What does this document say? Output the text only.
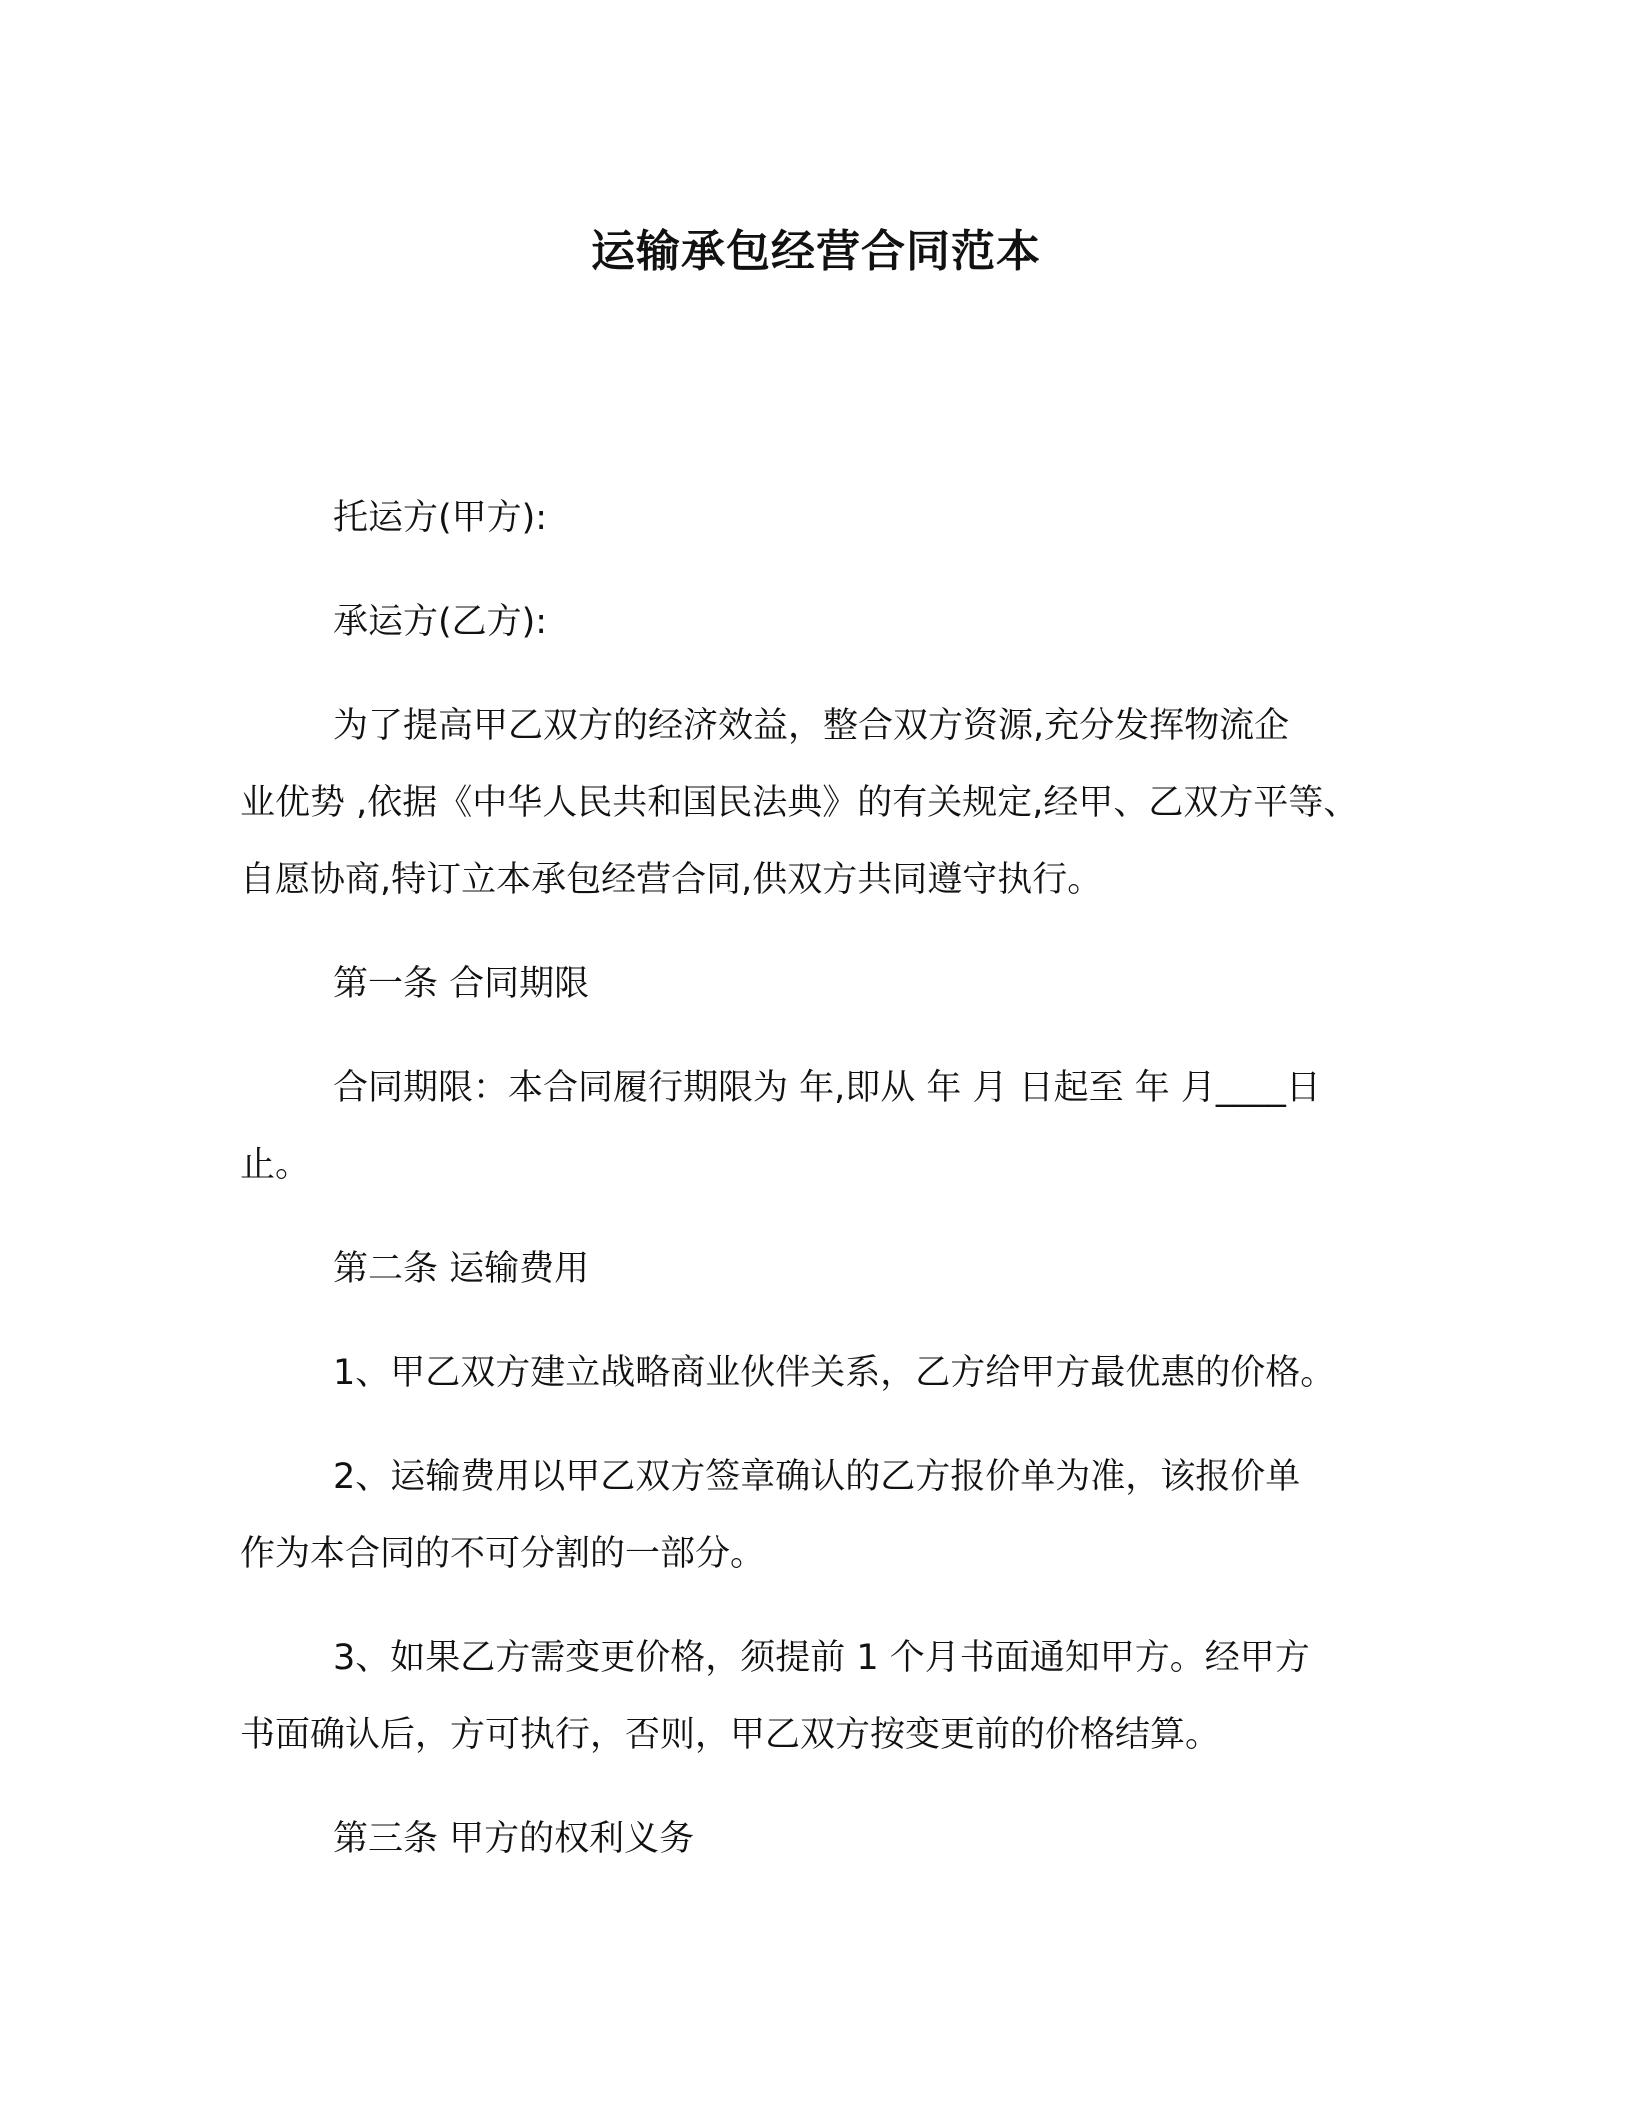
运输承包经营合同范本
托运方(甲方):
承运方(乙方):
为了提高甲乙双方的经济效益，整合双方资源,充分发挥物流企
业优势 ,依据《中华人民共和国民法典》的有关规定,经甲、乙双方平等、
自愿协商,特订立本承包经营合同,供双方共同遵守执行。
第一条 合同期限
合同期限：本合同履行期限为 年,即从 年 月 日起至 年 月____日
止。
第二条 运输费用
1、甲乙双方建立战略商业伙伴关系，乙方给甲方最优惠的价格。
2、运输费用以甲乙双方签章确认的乙方报价单为准，该报价单
作为本合同的不可分割的一部分。
3、如果乙方需变更价格，须提前 1 个月书面通知甲方。经甲方
书面确认后，方可执行，否则，甲乙双方按变更前的价格结算。
第三条 甲方的权利义务
